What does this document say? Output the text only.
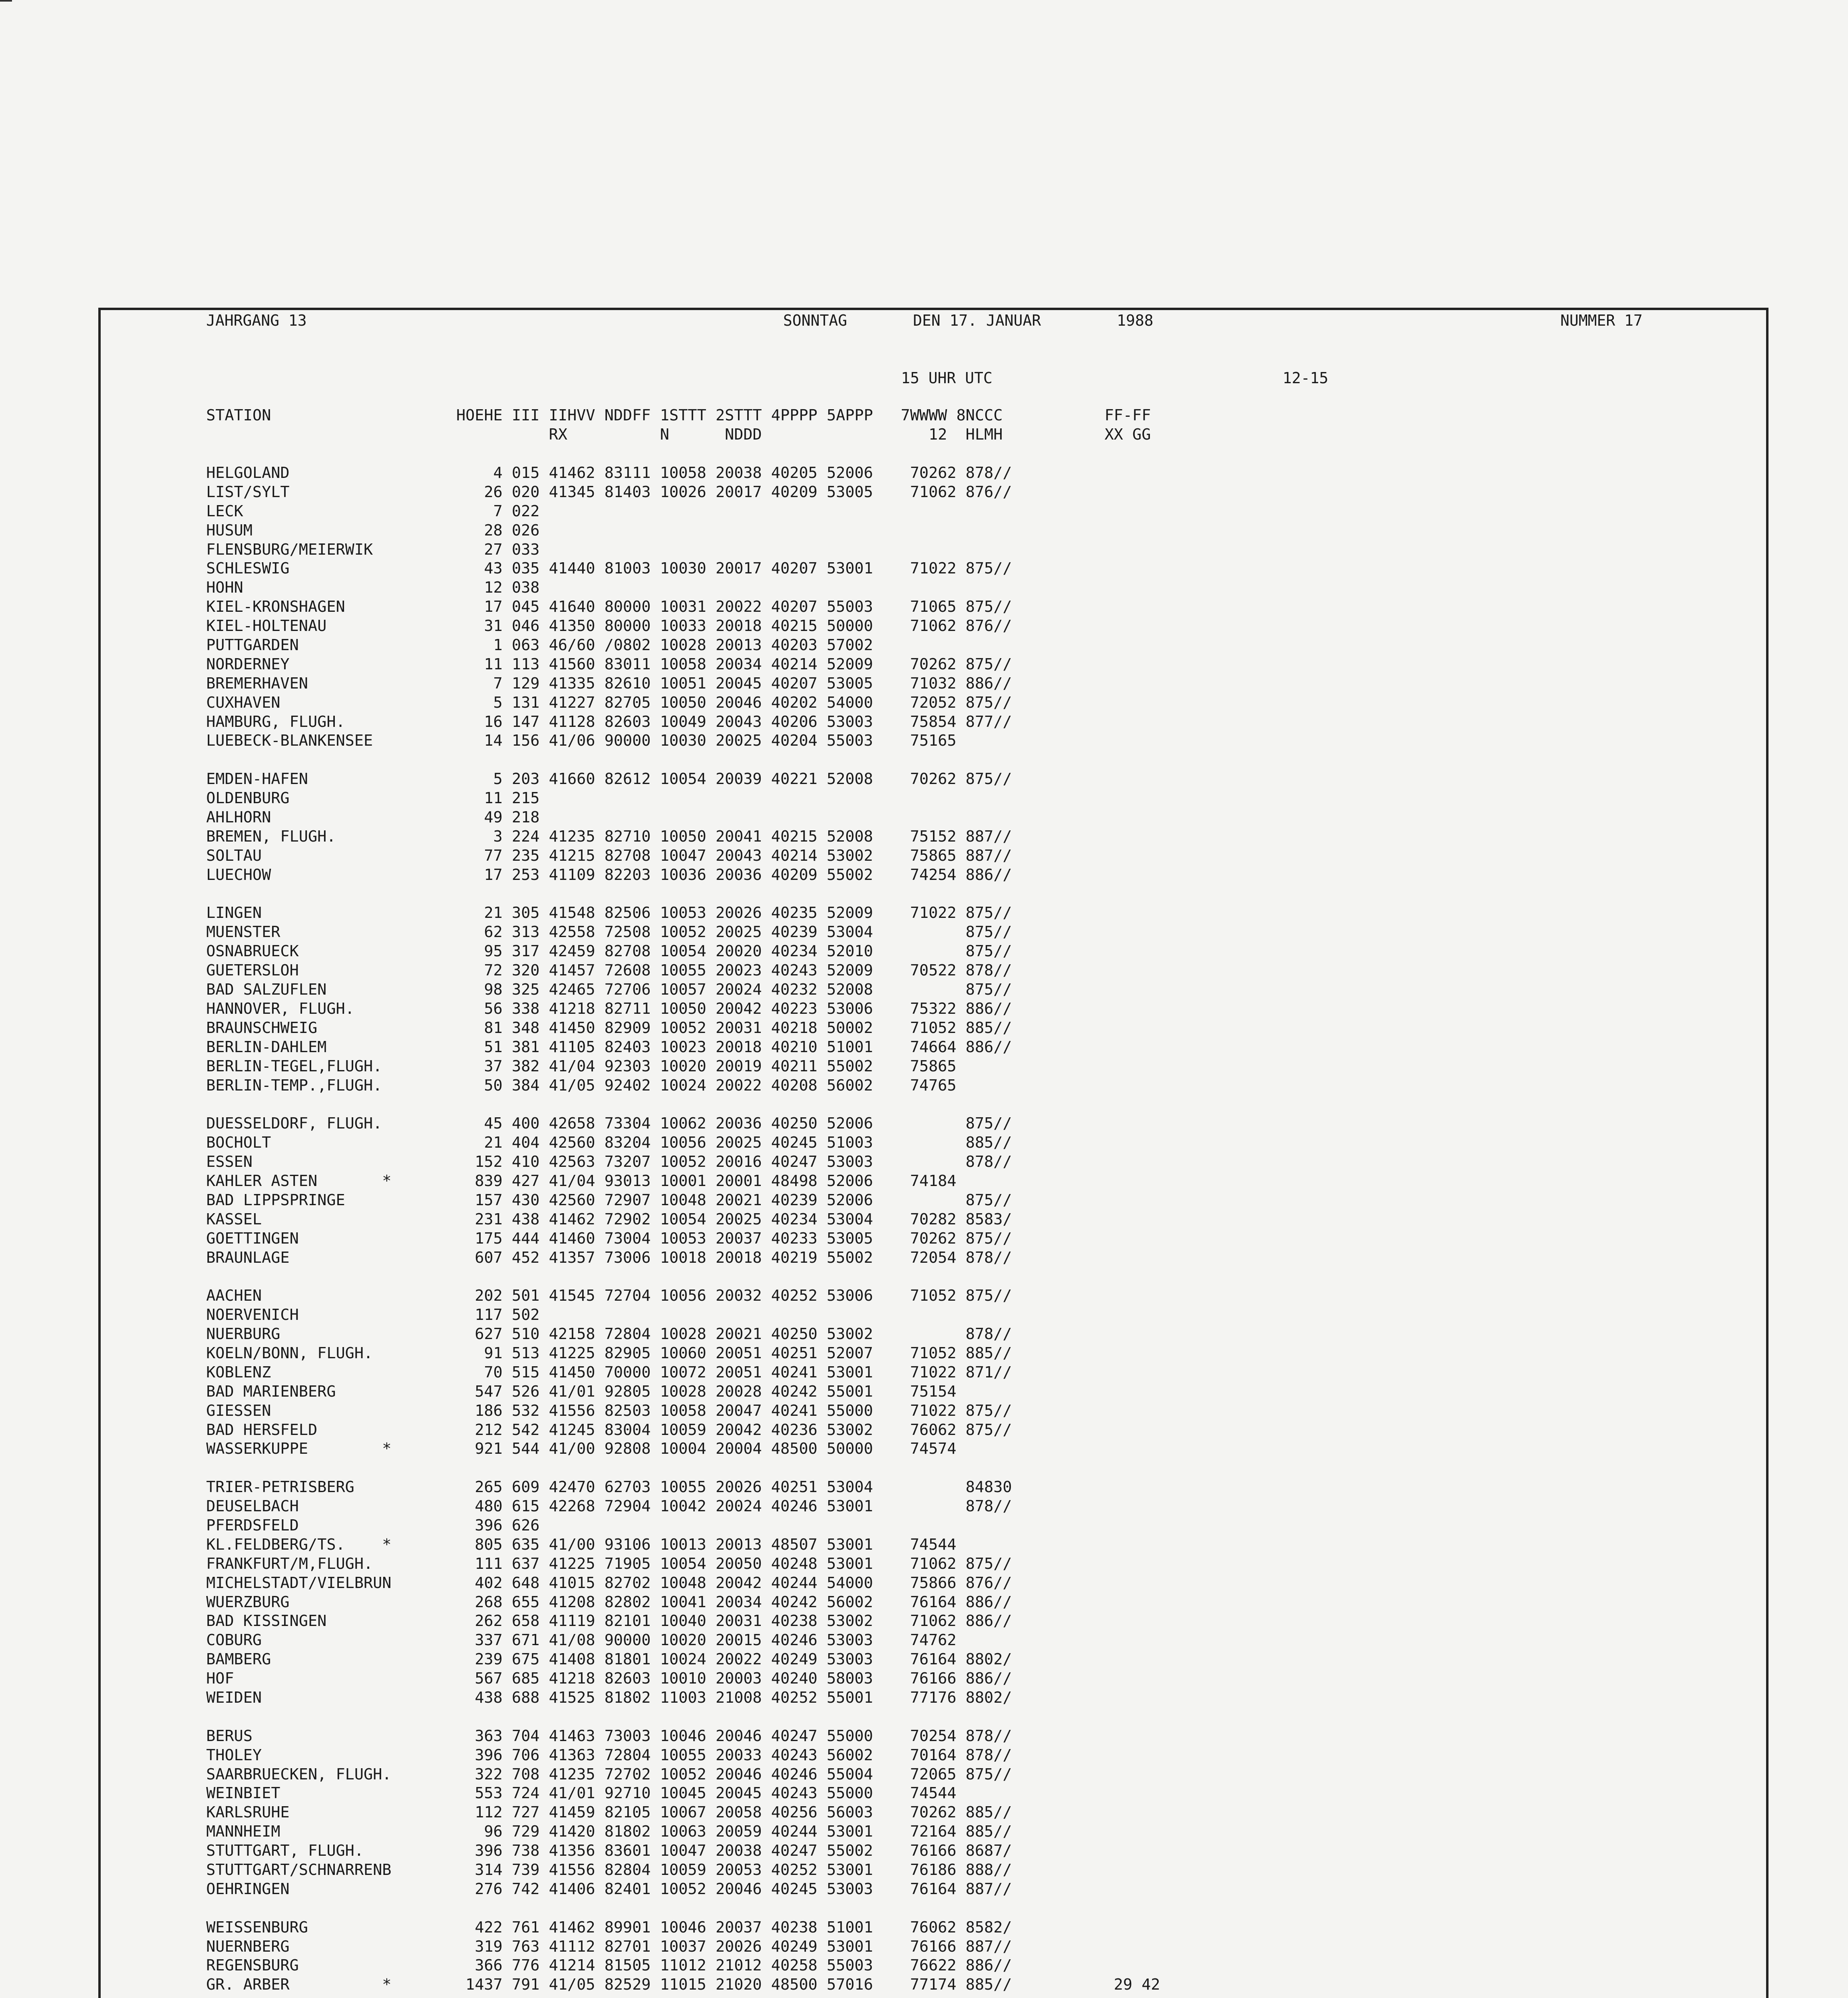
JAHRGANG 13	SONNTAG	DEN 17. JANUAR	1988	NUMMER 17
15 UHR UTC	12-15
STATION                    HOEHE III IIHVV NDDFF 1STTT 2STTT 4PPPP 5APPP   7WWWW 8NCCC           FF-FF
RX          N      NDDD                  12  HLMH           XX GG
HELGOLAND                      4 015 41462 83111 10058 20038 40205 52006    70262 878//
LIST/SYLT                     26 020 41345 81403 10026 20017 40209 53005    71062 876//
LECK                           7 022
HUSUM                         28 026
FLENSBURG/MEIERWIK            27 033
SCHLESWIG                     43 035 41440 81003 10030 20017 40207 53001    71022 875//
HOHN                          12 038
KIEL-KRONSHAGEN               17 045 41640 80000 10031 20022 40207 55003    71065 875//
KIEL-HOLTENAU                 31 046 41350 80000 10033 20018 40215 50000    71062 876//
PUTTGARDEN                     1 063 46/60 /0802 10028 20013 40203 57002
NORDERNEY                     11 113 41560 83011 10058 20034 40214 52009    70262 875//
BREMERHAVEN                    7 129 41335 82610 10051 20045 40207 53005    71032 886//
CUXHAVEN                       5 131 41227 82705 10050 20046 40202 54000    72052 875//
HAMBURG, FLUGH.               16 147 41128 82603 10049 20043 40206 53003    75854 877//
LUEBECK-BLANKENSEE            14 156 41/06 90000 10030 20025 40204 55003    75165
EMDEN-HAFEN                    5 203 41660 82612 10054 20039 40221 52008    70262 875//
OLDENBURG                     11 215
AHLHORN                       49 218
BREMEN, FLUGH.                 3 224 41235 82710 10050 20041 40215 52008    75152 887//
SOLTAU                        77 235 41215 82708 10047 20043 40214 53002    75865 887//
LUECHOW                       17 253 41109 82203 10036 20036 40209 55002    74254 886//
LINGEN                        21 305 41548 82506 10053 20026 40235 52009    71022 875//
MUENSTER                      62 313 42558 72508 10052 20025 40239 53004          875//
OSNABRUECK                    95 317 42459 82708 10054 20020 40234 52010          875//
GUETERSLOH                    72 320 41457 72608 10055 20023 40243 52009    70522 878//
BAD SALZUFLEN                 98 325 42465 72706 10057 20024 40232 52008          875//
HANNOVER, FLUGH.              56 338 41218 82711 10050 20042 40223 53006    75322 886//
BRAUNSCHWEIG                  81 348 41450 82909 10052 20031 40218 50002    71052 885//
BERLIN-DAHLEM                 51 381 41105 82403 10023 20018 40210 51001    74664 886//
BERLIN-TEGEL,FLUGH.           37 382 41/04 92303 10020 20019 40211 55002    75865
BERLIN-TEMP.,FLUGH.           50 384 41/05 92402 10024 20022 40208 56002    74765
DUESSELDORF, FLUGH.           45 400 42658 73304 10062 20036 40250 52006          875//
BOCHOLT                       21 404 42560 83204 10056 20025 40245 51003          885//
ESSEN                        152 410 42563 73207 10052 20016 40247 53003          878//
KAHLER ASTEN       *         839 427 41/04 93013 10001 20001 48498 52006    74184
BAD LIPPSPRINGE              157 430 42560 72907 10048 20021 40239 52006          875//
KASSEL                       231 438 41462 72902 10054 20025 40234 53004    70282 8583/
GOETTINGEN                   175 444 41460 73004 10053 20037 40233 53005    70262 875//
BRAUNLAGE                    607 452 41357 73006 10018 20018 40219 55002    72054 878//
AACHEN                       202 501 41545 72704 10056 20032 40252 53006    71052 875//
NOERVENICH                   117 502
NUERBURG                     627 510 42158 72804 10028 20021 40250 53002          878//
KOELN/BONN, FLUGH.            91 513 41225 82905 10060 20051 40251 52007    71052 885//
KOBLENZ                       70 515 41450 70000 10072 20051 40241 53001    71022 871//
BAD MARIENBERG               547 526 41/01 92805 10028 20028 40242 55001    75154
GIESSEN                      186 532 41556 82503 10058 20047 40241 55000    71022 875//
BAD HERSFELD                 212 542 41245 83004 10059 20042 40236 53002    76062 875//
WASSERKUPPE        *         921 544 41/00 92808 10004 20004 48500 50000    74574
TRIER-PETRISBERG             265 609 42470 62703 10055 20026 40251 53004          84830
DEUSELBACH                   480 615 42268 72904 10042 20024 40246 53001          878//
PFERDSFELD                   396 626
KL.FELDBERG/TS.    *         805 635 41/00 93106 10013 20013 48507 53001    74544
FRANKFURT/M,FLUGH.           111 637 41225 71905 10054 20050 40248 53001    71062 875//
MICHELSTADT/VIELBRUN         402 648 41015 82702 10048 20042 40244 54000    75866 876//
WUERZBURG                    268 655 41208 82802 10041 20034 40242 56002    76164 886//
BAD KISSINGEN                262 658 41119 82101 10040 20031 40238 53002    71062 886//
COBURG                       337 671 41/08 90000 10020 20015 40246 53003    74762
BAMBERG                      239 675 41408 81801 10024 20022 40249 53003    76164 8802/
HOF                          567 685 41218 82603 10010 20003 40240 58003    76166 886//
WEIDEN                       438 688 41525 81802 11003 21008 40252 55001    77176 8802/
BERUS                        363 704 41463 73003 10046 20046 40247 55000    70254 878//
THOLEY                       396 706 41363 72804 10055 20033 40243 56002    70164 878//
SAARBRUECKEN, FLUGH.         322 708 41235 72702 10052 20046 40246 55004    72065 875//
WEINBIET                     553 724 41/01 92710 10045 20045 40243 55000    74544
KARLSRUHE                    112 727 41459 82105 10067 20058 40256 56003    70262 885//
MANNHEIM                      96 729 41420 81802 10063 20059 40244 53001    72164 885//
STUTTGART, FLUGH.            396 738 41356 83601 10047 20038 40247 55002    76166 8687/
STUTTGART/SCHNARRENB         314 739 41556 82804 10059 20053 40252 53001    76186 888//
OEHRINGEN                    276 742 41406 82401 10052 20046 40245 53003    76164 887//
WEISSENBURG                  422 761 41462 89901 10046 20037 40238 51001    76062 8582/
NUERNBERG                    319 763 41112 82701 10037 20026 40249 53001    76166 887//
REGENSBURG                   366 776 41214 81505 11012 21012 40258 55003    76622 886//
GR. ARBER          *        1437 791 41/05 82529 11015 21020 48500 57016    77174 885//           29 42
